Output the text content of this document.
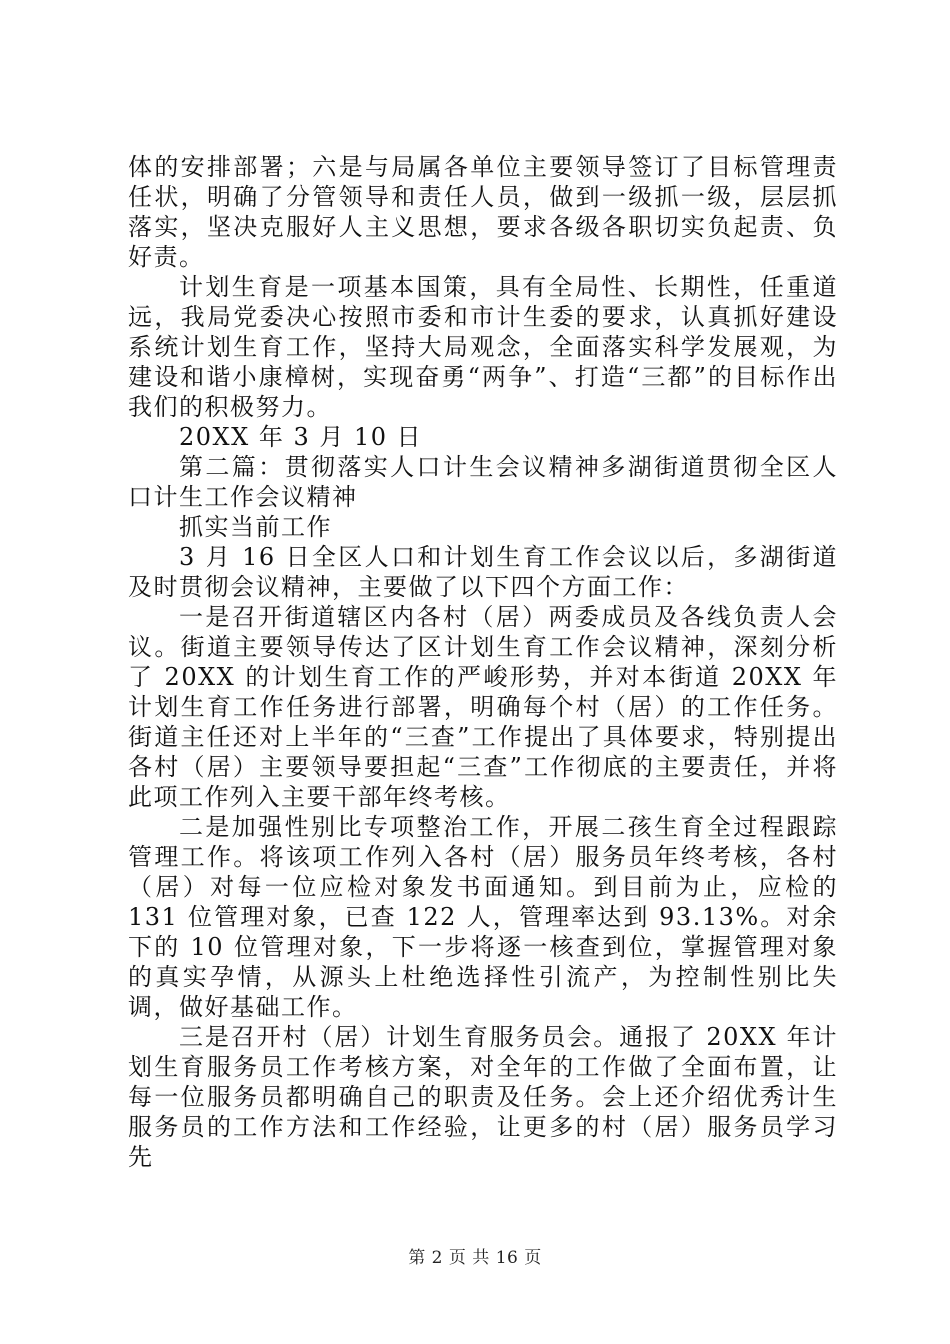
体的安排部署；六是与局属各单位主要领导签订了目标管理责任状，明确了分管领导和责任人员，做到一级抓一级，层层抓落实，坚决克服好人主义思想，要求各级各职切实负起责、负好责。

计划生育是一项基本国策，具有全局性、长期性，任重道远，我局党委决心按照市委和市计生委的要求，认真抓好建设系统计划生育工作，坚持大局观念，全面落实科学发展观，为建设和谐小康樟树，实现奋勇“两争”、打造“三都”的目标作出我们的积极努力。

20XX 年 3 月 10 日

第二篇：贯彻落实人口计生会议精神多湖街道贯彻全区人口计生工作会议精神

抓实当前工作

3 月 16 日全区人口和计划生育工作会议以后，多湖街道及时贯彻会议精神，主要做了以下四个方面工作：

一是召开街道辖区内各村（居）两委成员及各线负责人会议。街道主要领导传达了区计划生育工作会议精神，深刻分析了 20XX 的计划生育工作的严峻形势，并对本街道 20XX 年计划生育工作任务进行部署，明确每个村（居）的工作任务。街道主任还对上半年的“三查”工作提出了具体要求，特别提出各村（居）主要领导要担起“三查”工作彻底的主要责任，并将此项工作列入主要干部年终考核。

二是加强性别比专项整治工作，开展二孩生育全过程跟踪管理工作。将该项工作列入各村（居）服务员年终考核，各村（居）对每一位应检对象发书面通知。到目前为止，应检的 131 位管理对象，已查 122 人，管理率达到 93.13%。对余下的 10 位管理对象，下一步将逐一核查到位，掌握管理对象的真实孕情，从源头上杜绝选择性引流产，为控制性别比失调，做好基础工作。

三是召开村（居）计划生育服务员会。通报了 20XX 年计划生育服务员工作考核方案，对全年的工作做了全面布置，让每一位服务员都明确自己的职责及任务。会上还介绍优秀计生服务员的工作方法和工作经验，让更多的村（居）服务员学习先

第 2 页 共 16 页
